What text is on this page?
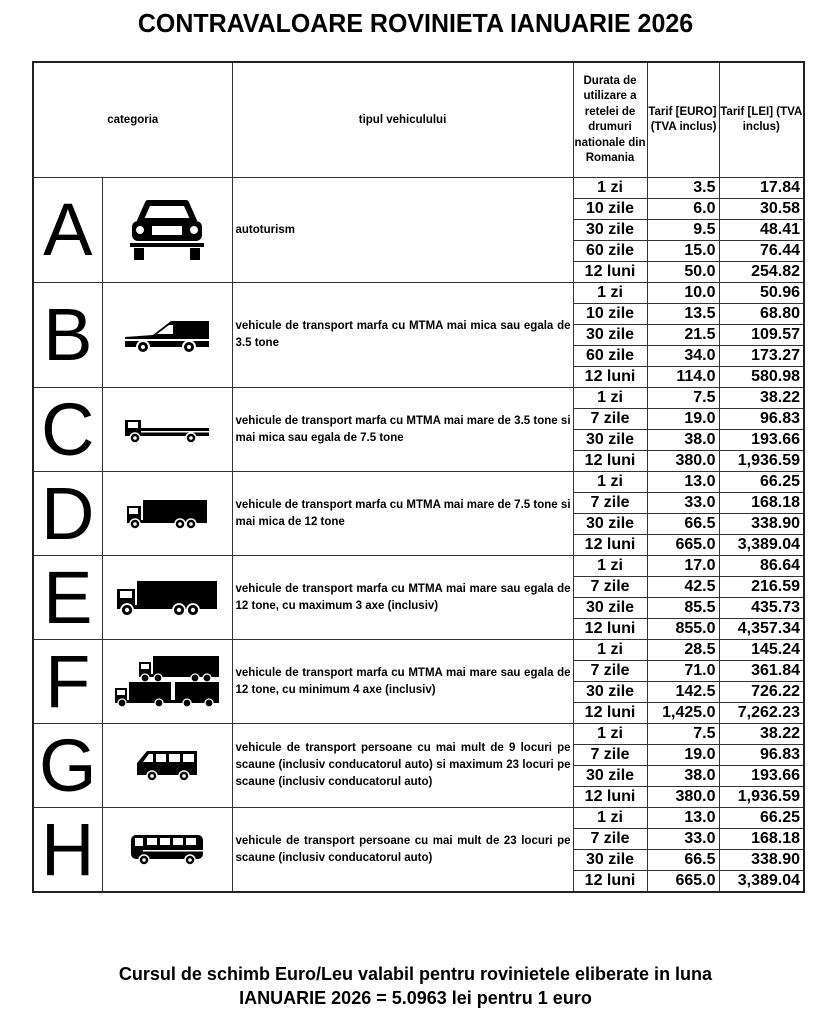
CONTRAVALOARE ROVINIETA IANUARIE 2026
categoria		tipul vehiculului	Durata de utilizare a retelei de drumuri nationale din Romania	Tarif [EURO] (TVA inclus)	Tarif [LEI] (TVA inclus)
A		autoturism	1 zi	3.5	17.84
			10 zile	6.0	30.58
			30 zile	9.5	48.41
			60 zile	15.0	76.44
			12 luni	50.0	254.82
B		vehicule de transport marfa cu MTMA mai mica sau egala de 3.5 tone	1 zi	10.0	50.96
			10 zile	13.5	68.80
			30 zile	21.5	109.57
			60 zile	34.0	173.27
			12 luni	114.0	580.98
C		vehicule de transport marfa cu MTMA mai mare de 3.5 tone si mai mica sau egala de 7.5 tone	1 zi	7.5	38.22
			7 zile	19.0	96.83
			30 zile	38.0	193.66
			12 luni	380.0	1,936.59
D		vehicule de transport marfa cu MTMA mai mare de 7.5 tone si mai mica de 12 tone	1 zi	13.0	66.25
			7 zile	33.0	168.18
			30 zile	66.5	338.90
			12 luni	665.0	3,389.04
E		vehicule de transport marfa cu MTMA mai mare sau egala de 12 tone, cu maximum 3 axe (inclusiv)	1 zi	17.0	86.64
			7 zile	42.5	216.59
			30 zile	85.5	435.73
			12 luni	855.0	4,357.34
F		vehicule de transport marfa cu MTMA mai mare sau egala de 12 tone, cu minimum 4 axe (inclusiv)	1 zi	28.5	145.24
			7 zile	71.0	361.84
			30 zile	142.5	726.22
			12 luni	1,425.0	7,262.23
G		vehicule de transport persoane cu mai mult de 9 locuri pe scaune (inclusiv conducatorul auto) si maximum 23 locuri pe scaune (inclusiv conducatorul auto)	1 zi	7.5	38.22
			7 zile	19.0	96.83
			30 zile	38.0	193.66
			12 luni	380.0	1,936.59
H		vehicule de transport persoane cu mai mult de 23 locuri pe scaune (inclusiv conducatorul auto)	1 zi	13.0	66.25
			7 zile	33.0	168.18
			30 zile	66.5	338.90
			12 luni	665.0	3,389.04
Cursul de schimb Euro/Leu valabil pentru rovinietele eliberate in luna
IANUARIE 2026 = 5.0963 lei pentru 1 euro
